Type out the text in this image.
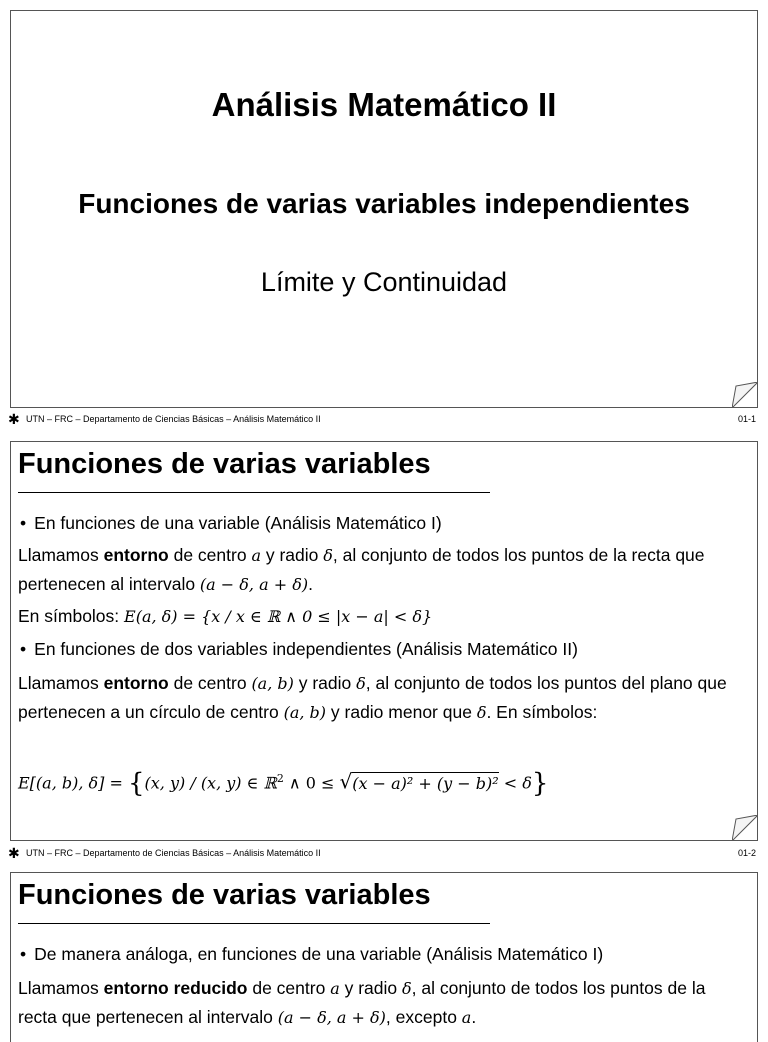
Análisis Matemático II
Funciones de varias variables independientes
Límite y Continuidad
✱ UTN – FRC – Departamento de Ciencias Básicas – Análisis Matemático II	01-1
Funciones de varias variables
• En funciones de una variable (Análisis Matemático I)
Llamamos entorno de centro a y radio δ, al conjunto de todos los puntos de la recta que pertenecen al intervalo (a − δ, a + δ).
En símbolos: E(a, δ) = {x / x ∈ ℝ ∧ 0 ≤ |x − a| < δ}
• En funciones de dos variables independientes (Análisis Matemático II)
Llamamos entorno de centro (a, b) y radio δ, al conjunto de todos los puntos del plano que pertenecen a un círculo de centro (a, b) y radio menor que δ. En símbolos:
E[(a, b), δ] = {(x, y) / (x, y) ∈ ℝ$^2$ ∧ 0 ≤ √(x − a)² + (y − b)² < δ}
✱ UTN – FRC – Departamento de Ciencias Básicas – Análisis Matemático II	01-2
Funciones de varias variables
• De manera análoga, en funciones de una variable (Análisis Matemático I)
Llamamos entorno reducido de centro a y radio δ, al conjunto de todos los puntos de la recta que pertenecen al intervalo (a − δ, a + δ), excepto a.
